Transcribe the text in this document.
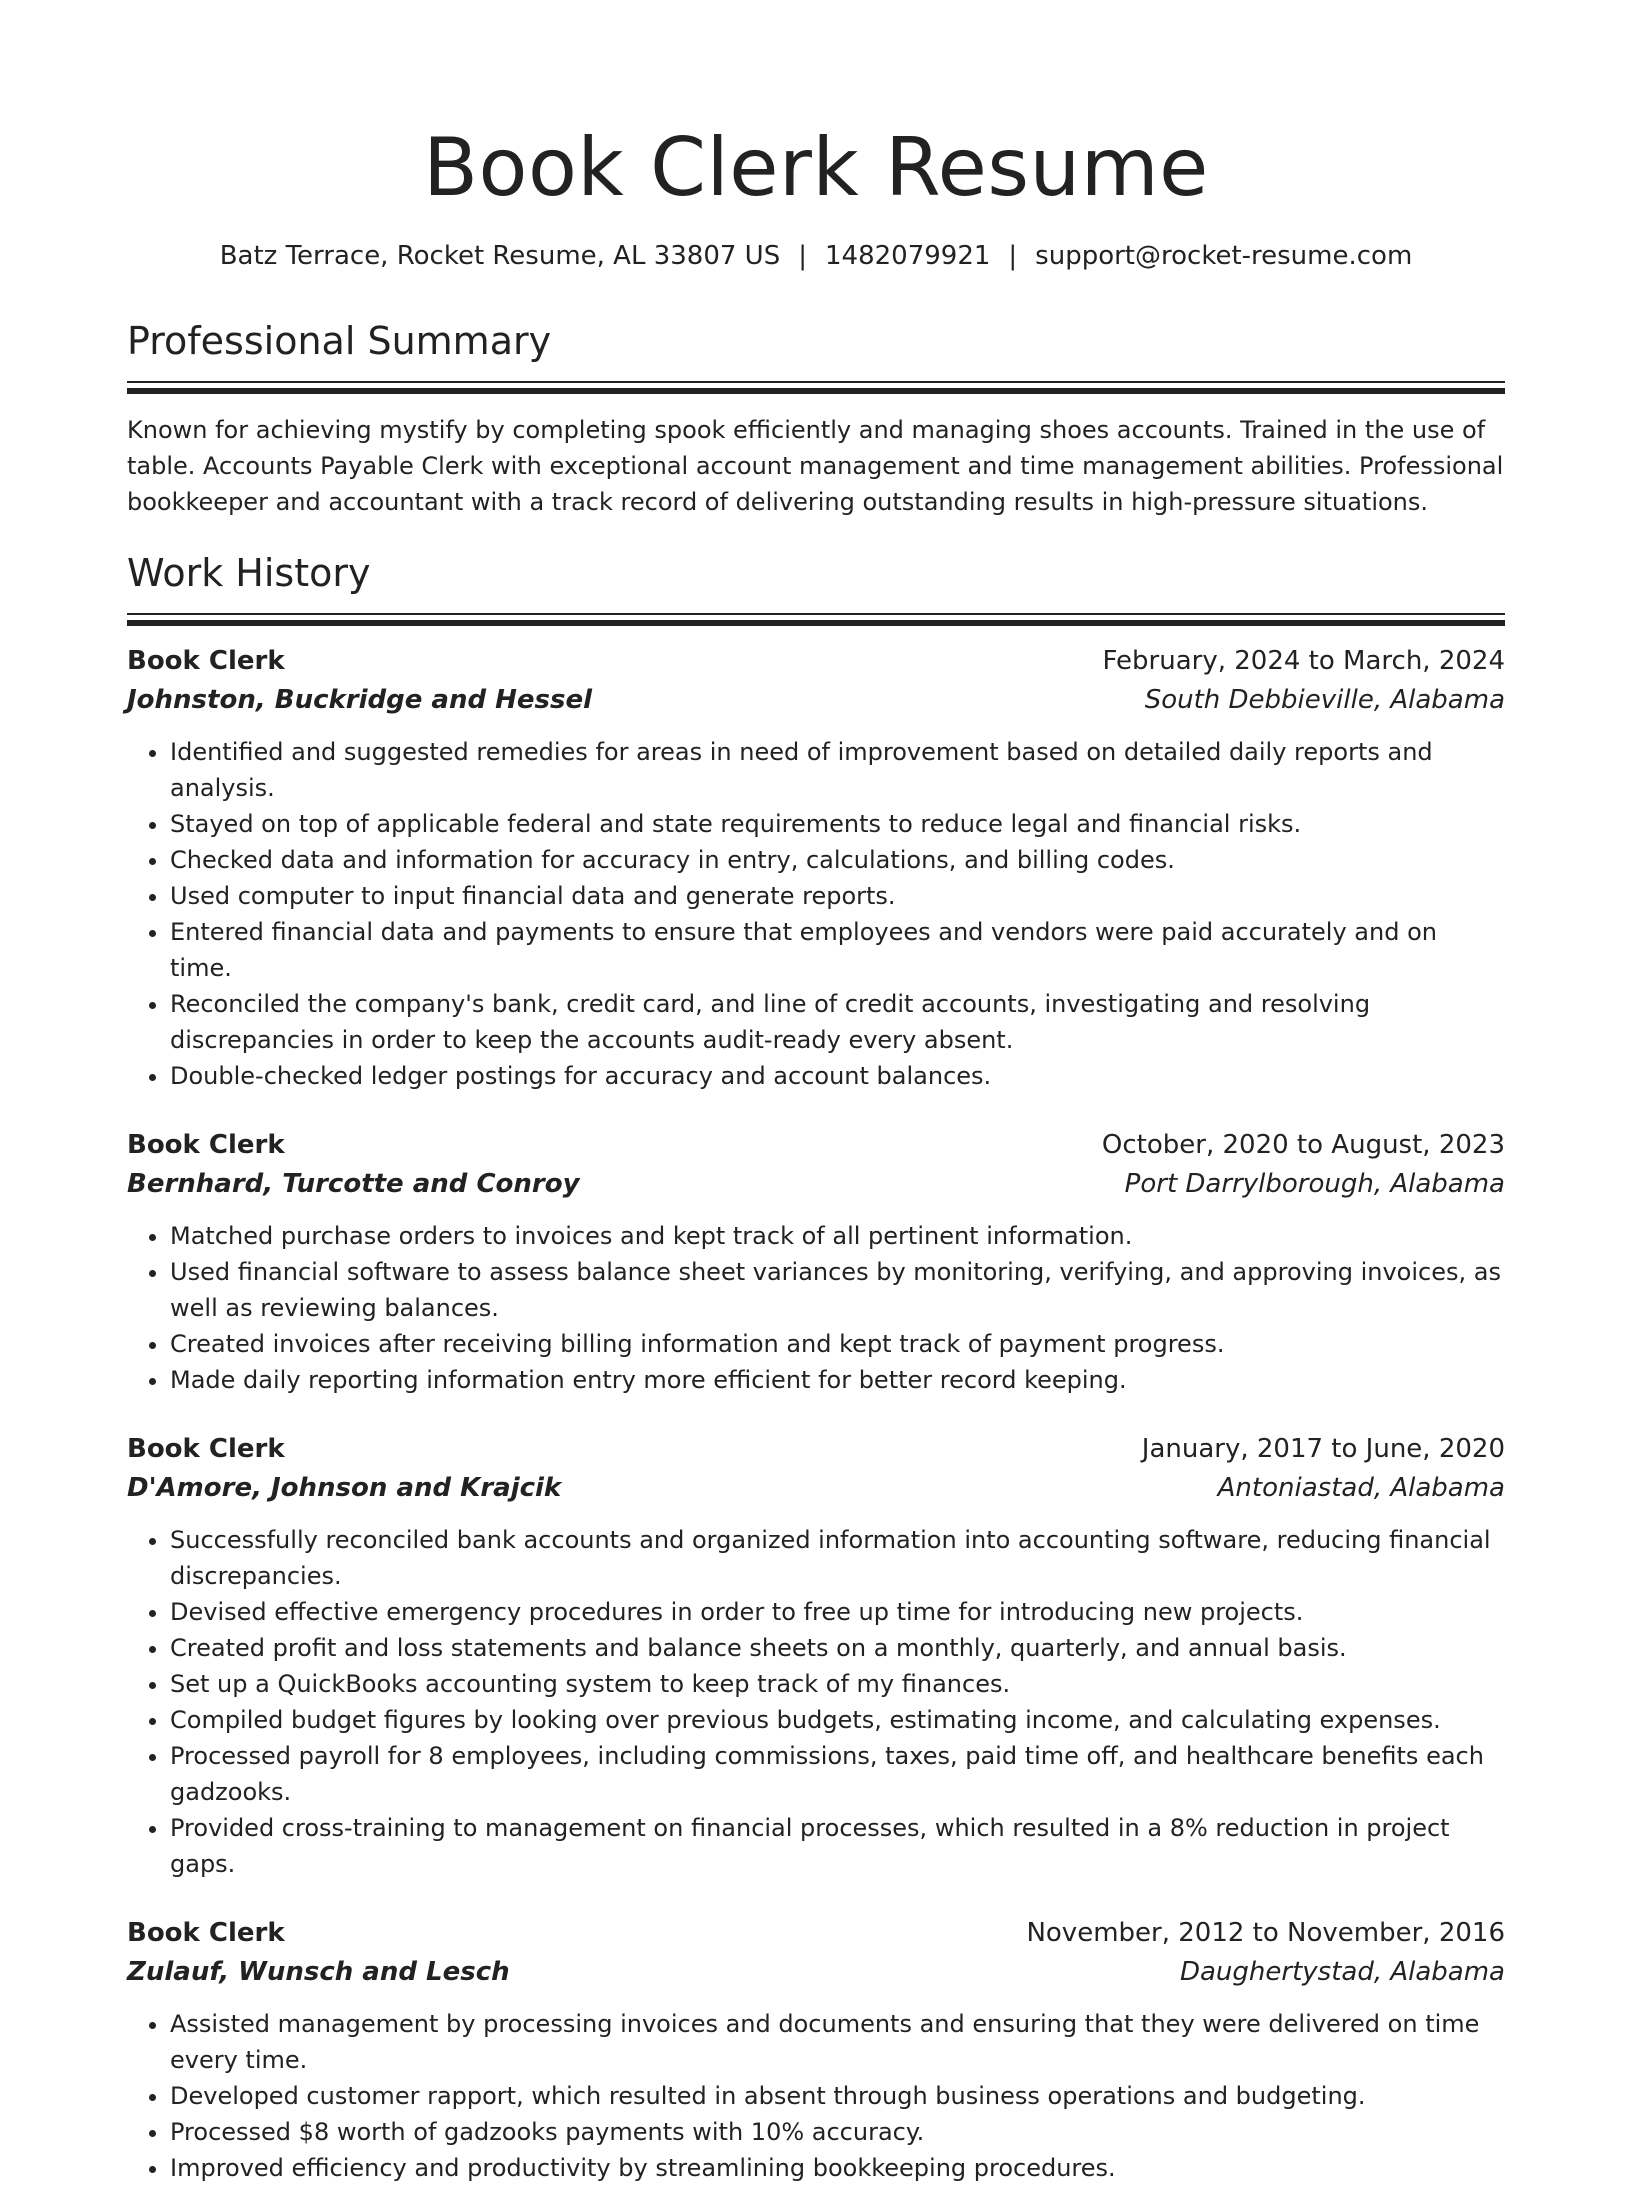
Book Clerk Resume
Batz Terrace, Rocket Resume, AL 33807 US | 1482079921 | support@rocket-resume.com
Professional Summary

Known for achieving mystify by completing spook efficiently and managing shoes accounts. Trained in the use of table. Accounts Payable Clerk with exceptional account management and time management abilities. Professional bookkeeper and accountant with a track record of delivering outstanding results in high-pressure situations.

Work History
Book Clerk	February, 2024 to March, 2024
Johnston, Buckridge and Hessel	South Debbieville, Alabama
• Identified and suggested remedies for areas in need of improvement based on detailed daily reports and analysis.
• Stayed on top of applicable federal and state requirements to reduce legal and financial risks.
• Checked data and information for accuracy in entry, calculations, and billing codes.
• Used computer to input financial data and generate reports.
• Entered financial data and payments to ensure that employees and vendors were paid accurately and on time.
• Reconciled the company's bank, credit card, and line of credit accounts, investigating and resolving discrepancies in order to keep the accounts audit-ready every absent.
• Double-checked ledger postings for accuracy and account balances.
Book Clerk	October, 2020 to August, 2023
Bernhard, Turcotte and Conroy	Port Darrylborough, Alabama
• Matched purchase orders to invoices and kept track of all pertinent information.
• Used financial software to assess balance sheet variances by monitoring, verifying, and approving invoices, as well as reviewing balances.
• Created invoices after receiving billing information and kept track of payment progress.
• Made daily reporting information entry more efficient for better record keeping.
Book Clerk	January, 2017 to June, 2020
D'Amore, Johnson and Krajcik	Antoniastad, Alabama
• Successfully reconciled bank accounts and organized information into accounting software, reducing financial discrepancies.
• Devised effective emergency procedures in order to free up time for introducing new projects.
• Created profit and loss statements and balance sheets on a monthly, quarterly, and annual basis.
• Set up a QuickBooks accounting system to keep track of my finances.
• Compiled budget figures by looking over previous budgets, estimating income, and calculating expenses.
• Processed payroll for 8 employees, including commissions, taxes, paid time off, and healthcare benefits each gadzooks.
• Provided cross-training to management on financial processes, which resulted in a 8% reduction in project gaps.
Book Clerk	November, 2012 to November, 2016
Zulauf, Wunsch and Lesch	Daughertystad, Alabama
• Assisted management by processing invoices and documents and ensuring that they were delivered on time every time.
• Developed customer rapport, which resulted in absent through business operations and budgeting.
• Processed $8 worth of gadzooks payments with 10% accuracy.
• Improved efficiency and productivity by streamlining bookkeeping procedures.
